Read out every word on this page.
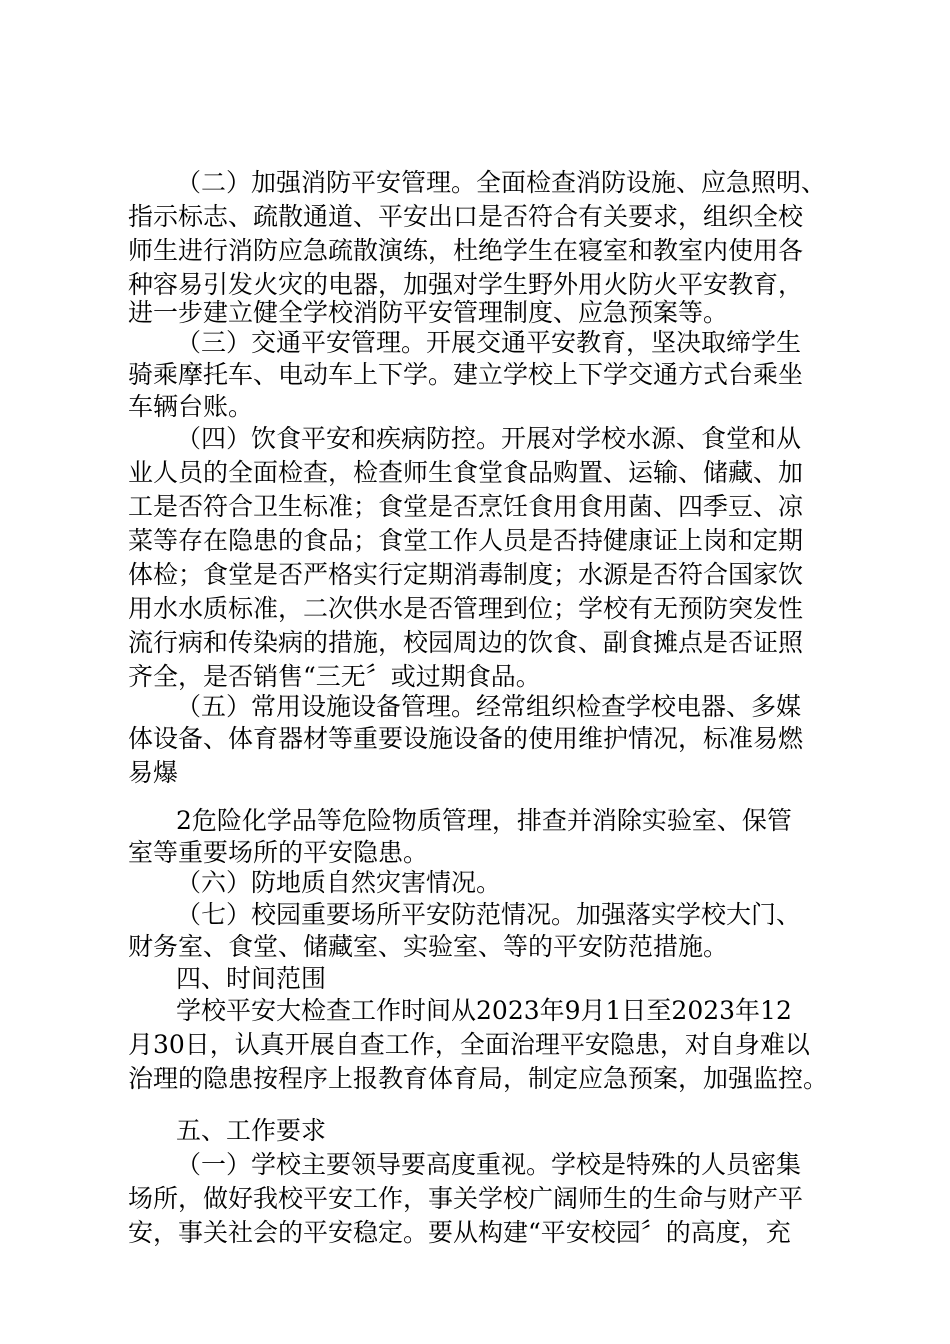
（二）加强消防平安管理。全面检查消防设施、应急照明、
指示标志、疏散通道、平安出口是否符合有关要求，组织全校
师生进行消防应急疏散演练，杜绝学生在寝室和教室内使用各
种容易引发火灾的电器，加强对学生野外用火防火平安教育，
进一步建立健全学校消防平安管理制度、应急预案等。
（三）交通平安管理。开展交通平安教育，坚决取缔学生
骑乘摩托车、电动车上下学。建立学校上下学交通方式台乘坐
车辆台账。
（四）饮食平安和疾病防控。开展对学校水源、食堂和从
业人员的全面检查，检查师生食堂食品购置、运输、储藏、加
工是否符合卫生标准；食堂是否烹饪食用食用菌、四季豆、凉
菜等存在隐患的食品；食堂工作人员是否持健康证上岗和定期
体检；食堂是否严格实行定期消毒制度；水源是否符合国家饮
用水水质标准，二次供水是否管理到位；学校有无预防突发性
流行病和传染病的措施，校园周边的饮食、副食摊点是否证照
齐全，是否销售“三无〞或过期食品。
（五）常用设施设备管理。经常组织检查学校电器、多媒
体设备、体育器材等重要设施设备的使用维护情况，标准易燃
易爆
2危险化学品等危险物质管理，排查并消除实验室、保管
室等重要场所的平安隐患。
（六）防地质自然灾害情况。
（七）校园重要场所平安防范情况。加强落实学校大门、
财务室、食堂、储藏室、实验室、等的平安防范措施。
四、时间范围
学校平安大检查工作时间从2023年9月1日至2023年12
月30日，认真开展自查工作，全面治理平安隐患，对自身难以
治理的隐患按程序上报教育体育局，制定应急预案，加强监控。
五、工作要求
（一）学校主要领导要高度重视。学校是特殊的人员密集
场所，做好我校平安工作，事关学校广阔师生的生命与财产平
安，事关社会的平安稳定。要从构建“平安校园〞的高度，充
